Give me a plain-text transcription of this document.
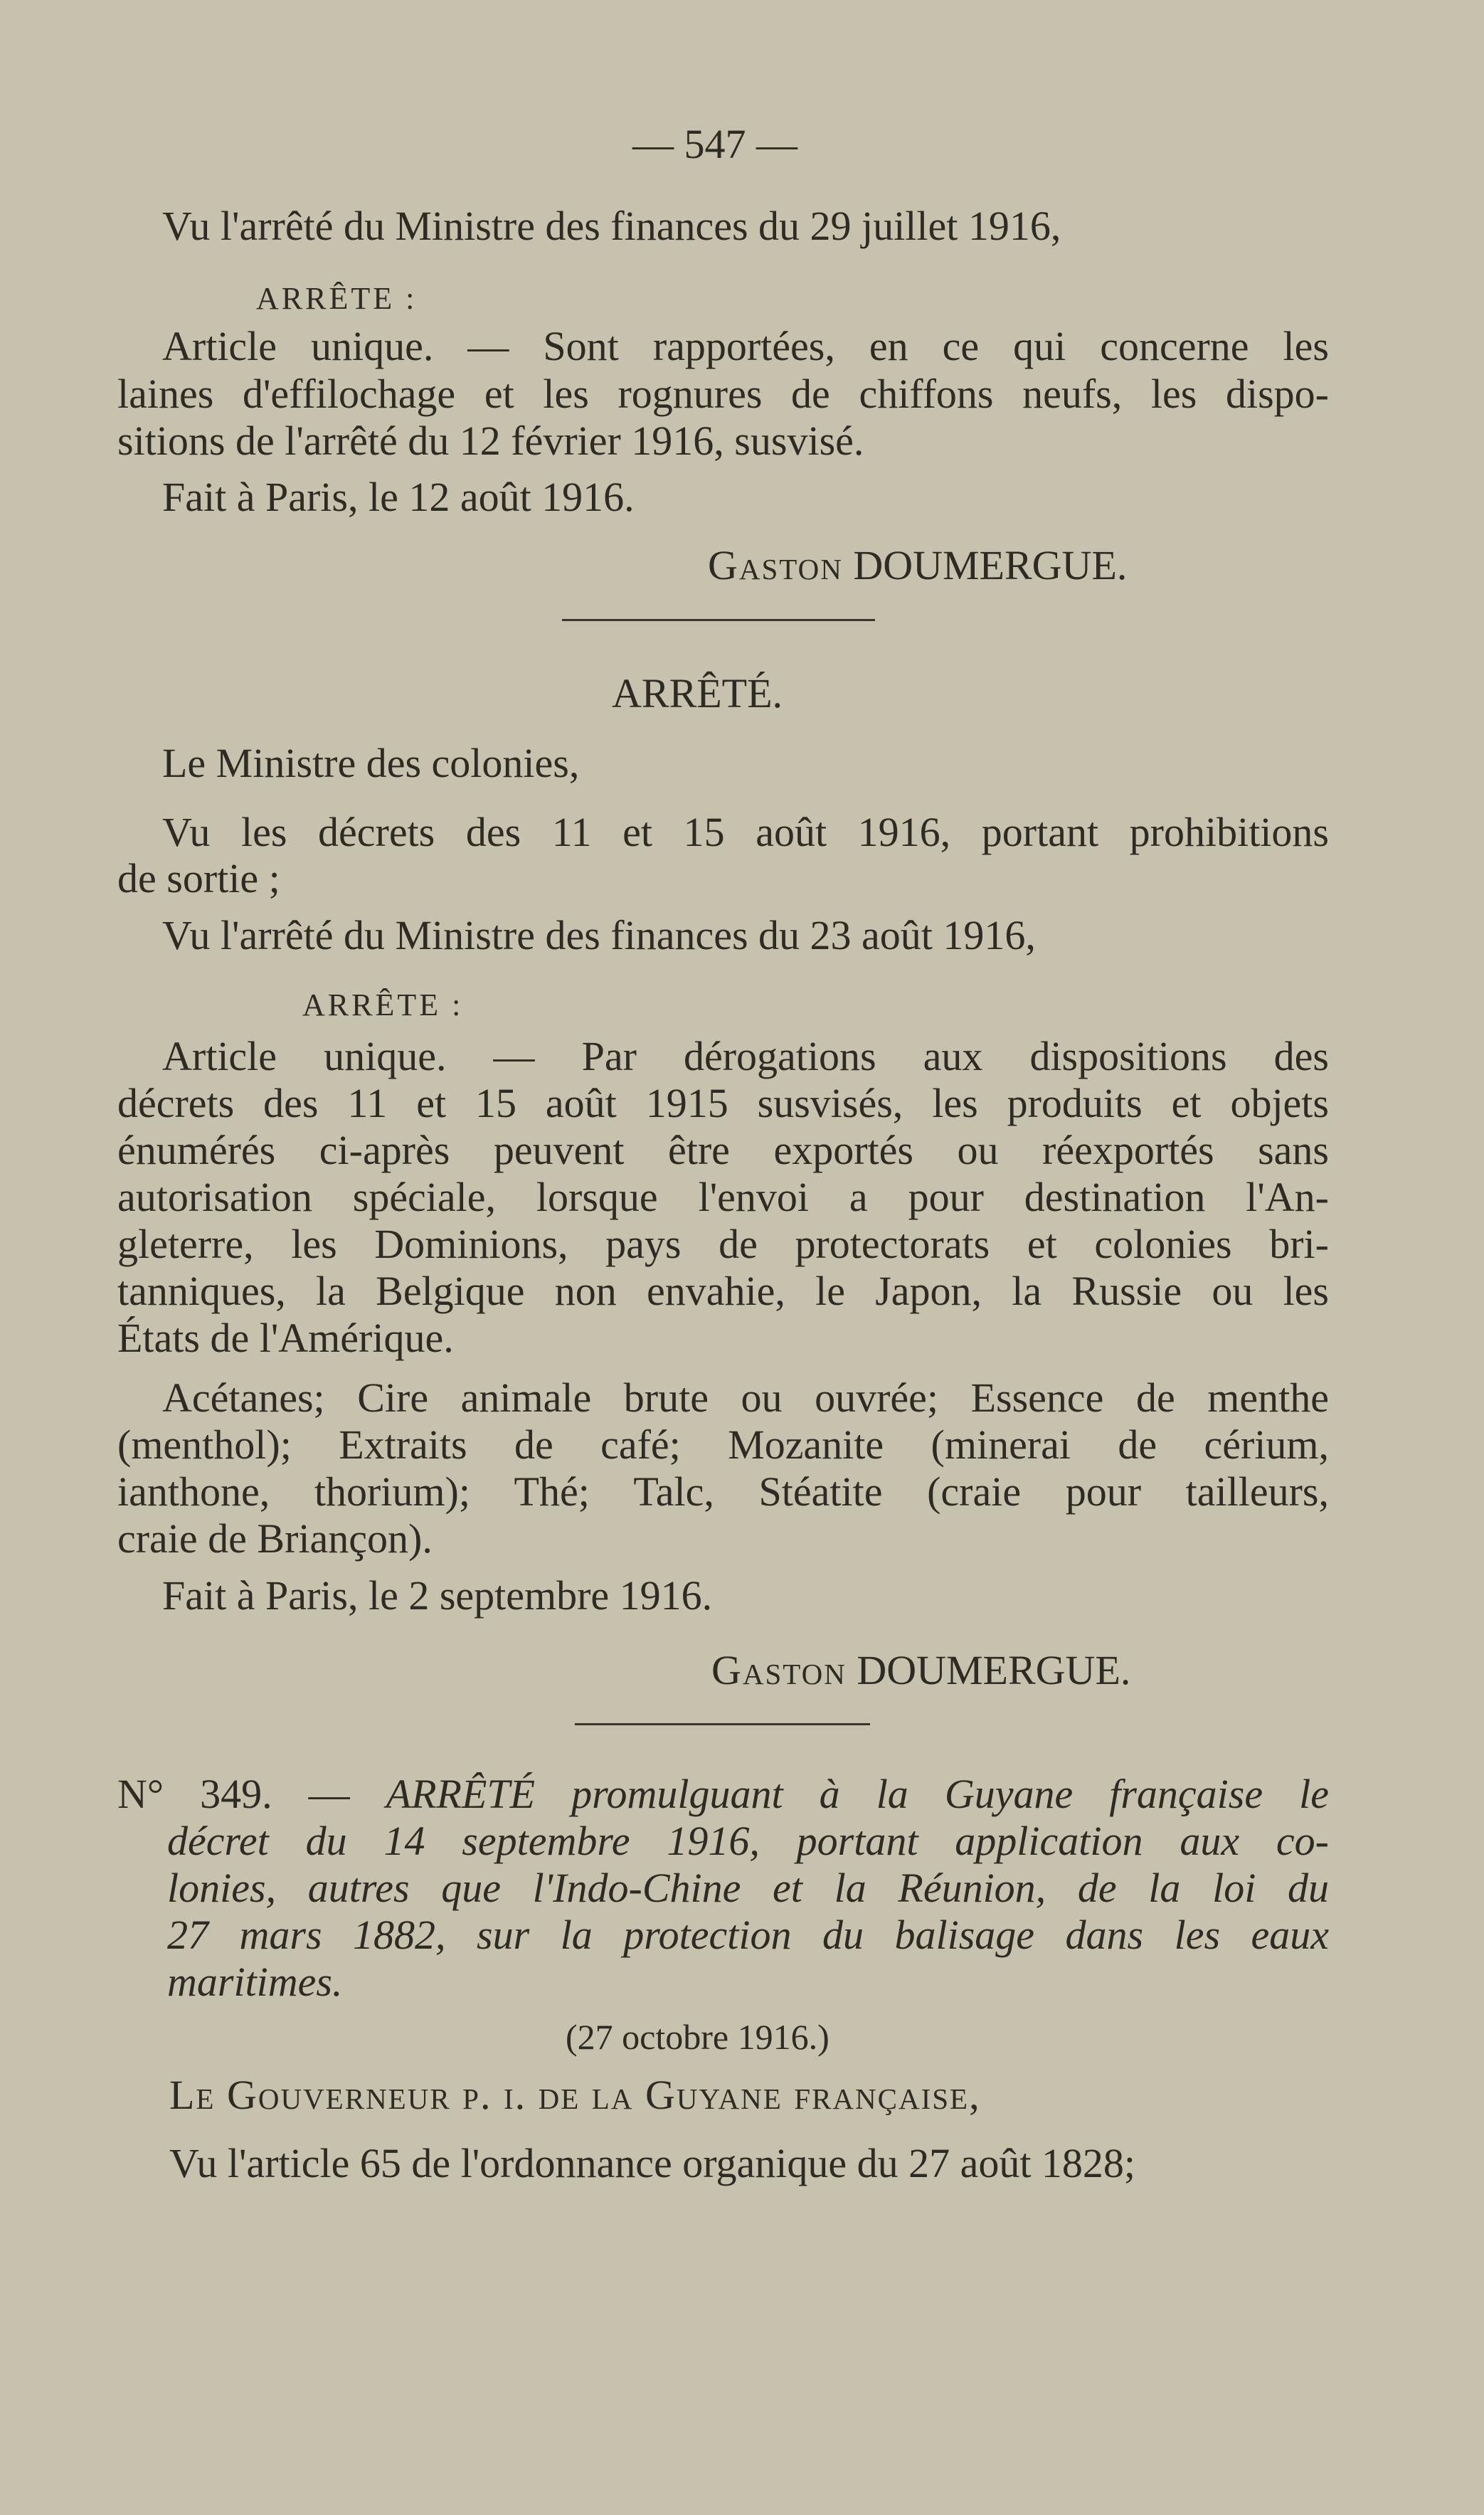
— 547 —
Vu l'arrêté du Ministre des finances du 29 juillet 1916,
ARRÊTE :
Article unique. — Sont rapportées, en ce qui concerne les
laines d'effilochage et les rognures de chiffons neufs, les dispo-
sitions de l'arrêté du 12 février 1916, susvisé.
Fait à Paris, le 12 août 1916.
Gaston DOUMERGUE.
ARRÊTÉ.
Le Ministre des colonies,
Vu les décrets des 11 et 15 août 1916, portant prohibitions
de sortie ;
Vu l'arrêté du Ministre des finances du 23 août 1916,
ARRÊTE :
Article unique. — Par dérogations aux dispositions des
décrets des 11 et 15 août 1915 susvisés, les produits et objets
énumérés ci-après peuvent être exportés ou réexportés sans
autorisation spéciale, lorsque l'envoi a pour destination l'An-
gleterre, les Dominions, pays de protectorats et colonies bri-
tanniques, la Belgique non envahie, le Japon, la Russie ou les
États de l'Amérique.
Acétanes; Cire animale brute ou ouvrée; Essence de menthe
(menthol); Extraits de café; Mozanite (minerai de cérium,
ianthone, thorium); Thé; Talc, Stéatite (craie pour tailleurs,
craie de Briançon).
Fait à Paris, le 2 septembre 1916.
Gaston DOUMERGUE.
N° 349. — ARRÊTÉ promulguant à la Guyane française le
décret du 14 septembre 1916, portant application aux co-
lonies, autres que l'Indo-Chine et la Réunion, de la loi du
27 mars 1882, sur la protection du balisage dans les eaux
maritimes.
(27 octobre 1916.)
Le Gouverneur p. i. de la Guyane française,
Vu l'article 65 de l'ordonnance organique du 27 août 1828;
